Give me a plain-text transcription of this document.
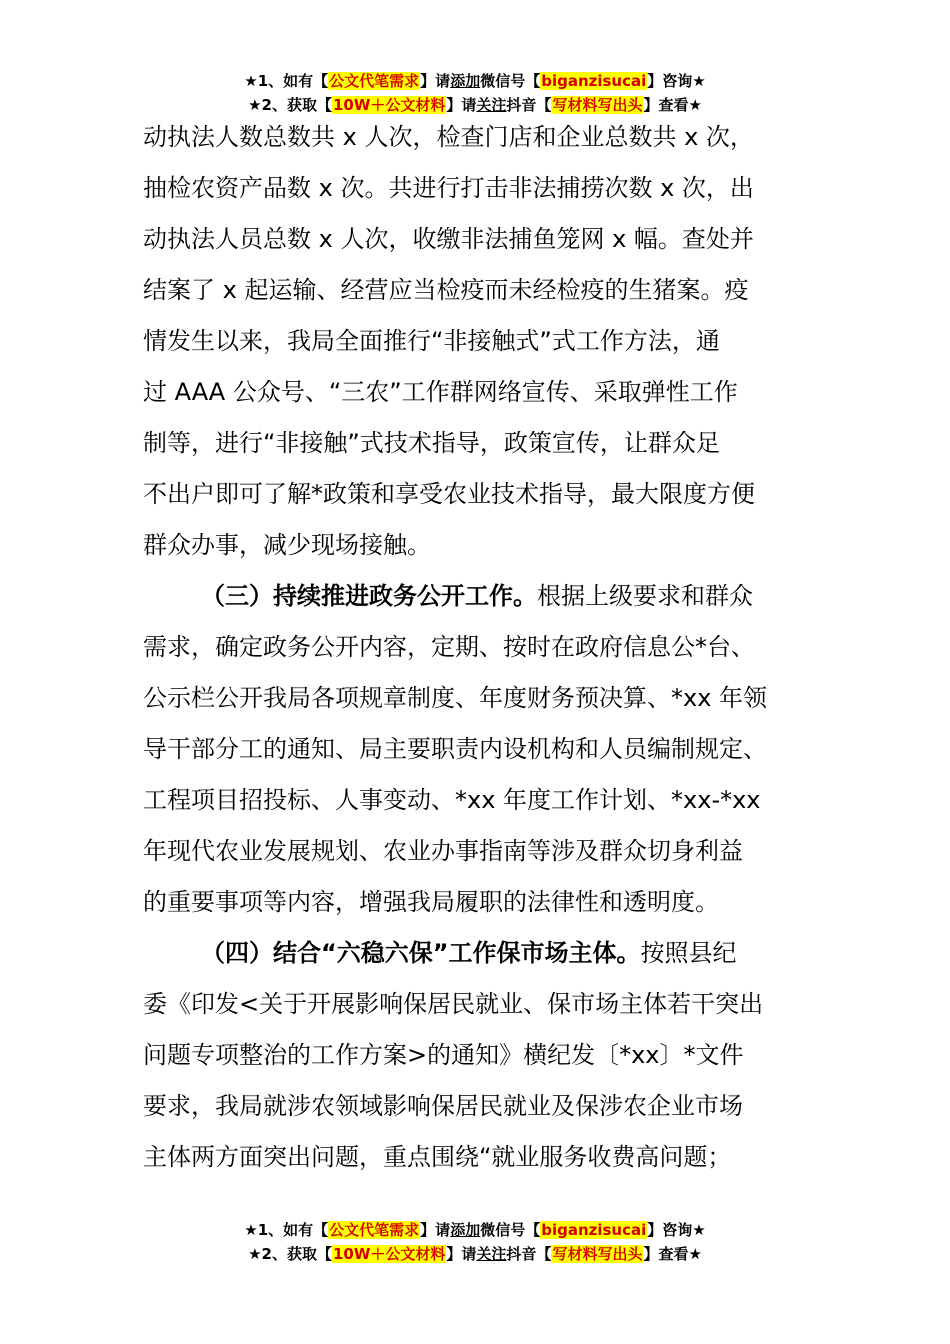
★1、如有【公文代笔需求】请添加微信号【biganzisucai】咨询★
★2、获取【10W＋公文材料】请关注抖音【写材料写出头】查看★

动执法人数总数共 x 人次，检查门店和企业总数共 x 次，

抽检农资产品数 x 次。共进行打击非法捕捞次数 x 次，出

动执法人员总数 x 人次，收缴非法捕鱼笼网 x 幅。查处并

结案了 x 起运输、经营应当检疫而未经检疫的生猪案。疫

情发生以来，我局全面推行“非接触式”式工作方法，通

过 AAA 公众号、“三农”工作群网络宣传、采取弹性工作

制等，进行“非接触”式技术指导，政策宣传，让群众足

不出户即可了解*政策和享受农业技术指导，最大限度方便

群众办事，减少现场接触。

（三）持续推进政务公开工作。根据上级要求和群众

需求，确定政务公开内容，定期、按时在政府信息公*台、

公示栏公开我局各项规章制度、年度财务预决算、*xx 年领

导干部分工的通知、局主要职责内设机构和人员编制规定、

工程项目招投标、人事变动、*xx 年度工作计划、*xx-*xx

年现代农业发展规划、农业办事指南等涉及群众切身利益

的重要事项等内容，增强我局履职的法律性和透明度。

（四）结合“六稳六保”工作保市场主体。按照县纪

委《印发<关于开展影响保居民就业、保市场主体若干突出

问题专项整治的工作方案>的通知》横纪发〔*xx〕*文件

要求，我局就涉农领域影响保居民就业及保涉农企业市场

主体两方面突出问题，重点围绕“就业服务收费高问题；

★1、如有【公文代笔需求】请添加微信号【biganzisucai】咨询★
★2、获取【10W＋公文材料】请关注抖音【写材料写出头】查看★
